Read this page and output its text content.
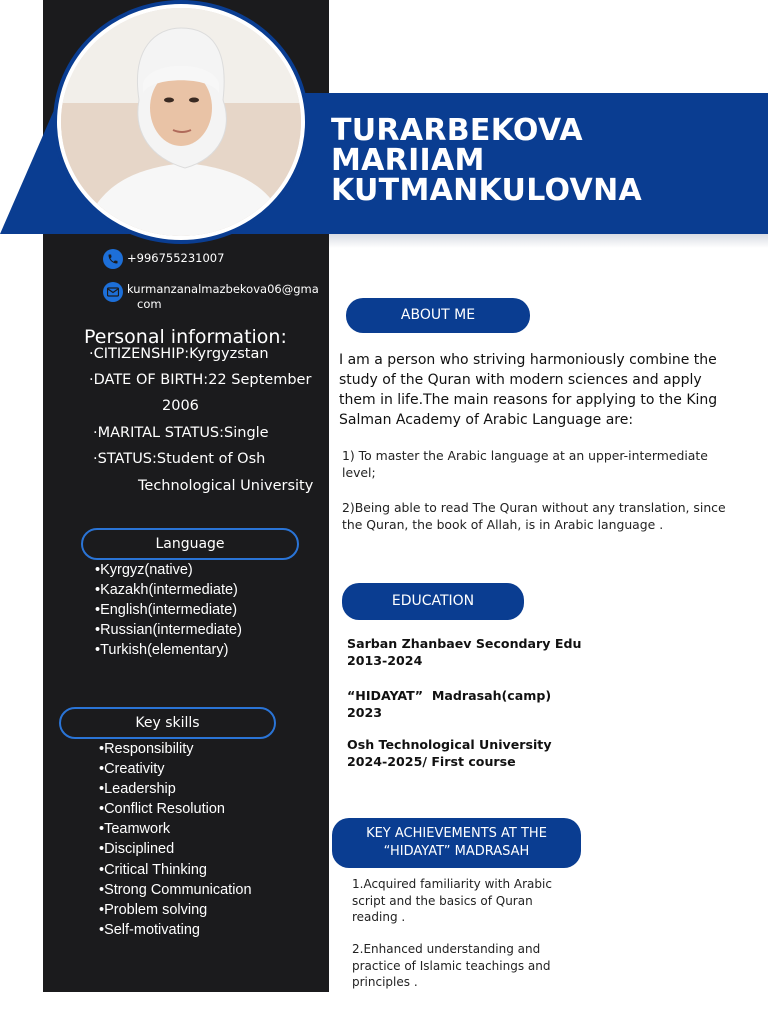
TURARBEKOVA
MARIIAM
KUTMANKULOVNA
+996755231007
kurmanzanalmazbekova06@gma
com
Personal information:
·CITIZENSHIP:Kyrgyzstan
·DATE OF BIRTH:22 September
2006
·MARITAL STATUS:Single
·STATUS:Student of Osh
Technological University
Language
•Kyrgyz(native)
•Kazakh(intermediate)
•English(intermediate)
•Russian(intermediate)
•Turkish(elementary)
Key skills
•Responsibility
•Creativity
•Leadership
•Conflict Resolution
•Teamwork
•Disciplined
•Critical Thinking
•Strong Communication
•Problem solving
•Self-motivating
ABOUT ME
I am a person who striving harmoniously combine the study of the Quran with modern sciences and apply them in life.The main reasons for applying to the King Salman Academy of Arabic Language are:
1) To master the Arabic language at an upper-intermediate level;
2)Being able to read The Quran without any translation, since the Quran, the book of Allah, is in Arabic language .
EDUCATION
Sarban Zhanbaev Secondary Edu
2013-2024
“HIDAYAT”  Madrasah(camp)
2023
Osh Technological University
2024-2025/ First course
KEY ACHIEVEMENTS AT THE
“HIDAYAT” MADRASAH
1.Acquired familiarity with Arabic script and the basics of Quran reading .
2.Enhanced understanding and practice of Islamic teachings and principles .
